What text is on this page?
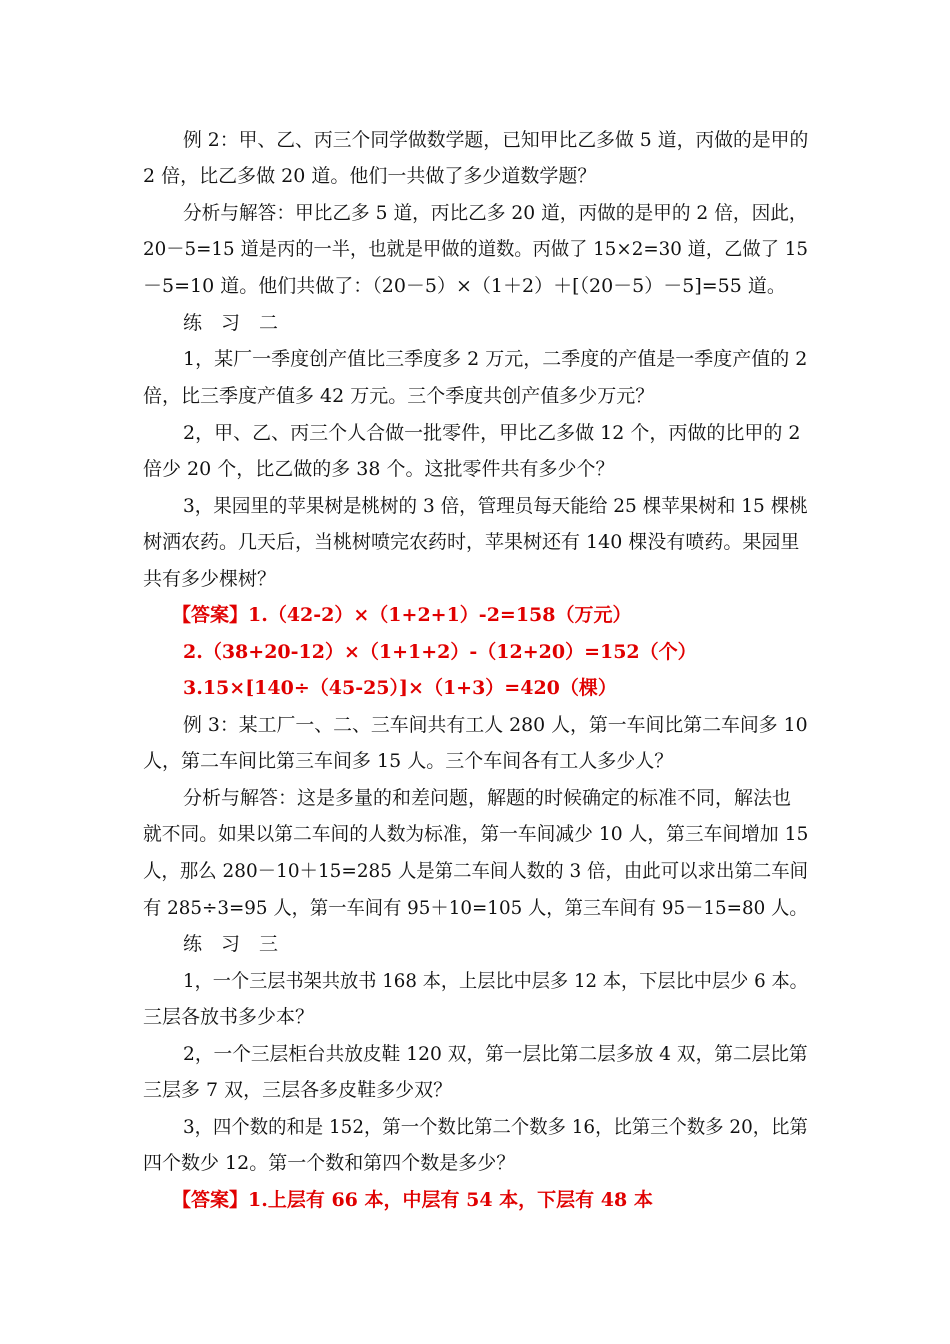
例 2：甲、乙、丙三个同学做数学题，已知甲比乙多做 5 道，丙做的是甲的
2 倍，比乙多做 20 道。他们一共做了多少道数学题？
分析与解答：甲比乙多 5 道，丙比乙多 20 道，丙做的是甲的 2 倍，因此，
20－5=15 道是丙的一半，也就是甲做的道数。丙做了 15×2=30 道，乙做了 15
－5=10 道。他们共做了：（20－5）×（1＋2）＋[（20－5）－5]=55 道。
练　习　二
1，某厂一季度创产值比三季度多 2 万元，二季度的产值是一季度产值的 2
倍，比三季度产值多 42 万元。三个季度共创产值多少万元？
2，甲、乙、丙三个人合做一批零件，甲比乙多做 12 个，丙做的比甲的 2
倍少 20 个，比乙做的多 38 个。这批零件共有多少个？
3，果园里的苹果树是桃树的 3 倍，管理员每天能给 25 棵苹果树和 15 棵桃
树洒农药。几天后，当桃树喷完农药时，苹果树还有 140 棵没有喷药。果园里
共有多少棵树？
【答案】1.（42-2）×（1+2+1）-2=158（万元）
2.（38+20-12）×（1+1+2）-（12+20）=152（个）
3.15×[140÷（45-25）]×（1+3）=420（棵）
例 3：某工厂一、二、三车间共有工人 280 人，第一车间比第二车间多 10
人，第二车间比第三车间多 15 人。三个车间各有工人多少人？
分析与解答：这是多量的和差问题，解题的时候确定的标准不同，解法也
就不同。如果以第二车间的人数为标准，第一车间减少 10 人，第三车间增加 15
人，那么 280－10＋15=285 人是第二车间人数的 3 倍，由此可以求出第二车间
有 285÷3=95 人，第一车间有 95＋10=105 人，第三车间有 95－15=80 人。
练　习　三
1，一个三层书架共放书 168 本，上层比中层多 12 本，下层比中层少 6 本。
三层各放书多少本？
2，一个三层柜台共放皮鞋 120 双，第一层比第二层多放 4 双，第二层比第
三层多 7 双，三层各多皮鞋多少双？
3，四个数的和是 152，第一个数比第二个数多 16，比第三个数多 20，比第
四个数少 12。第一个数和第四个数是多少？
【答案】1.上层有 66 本，中层有 54 本，下层有 48 本
